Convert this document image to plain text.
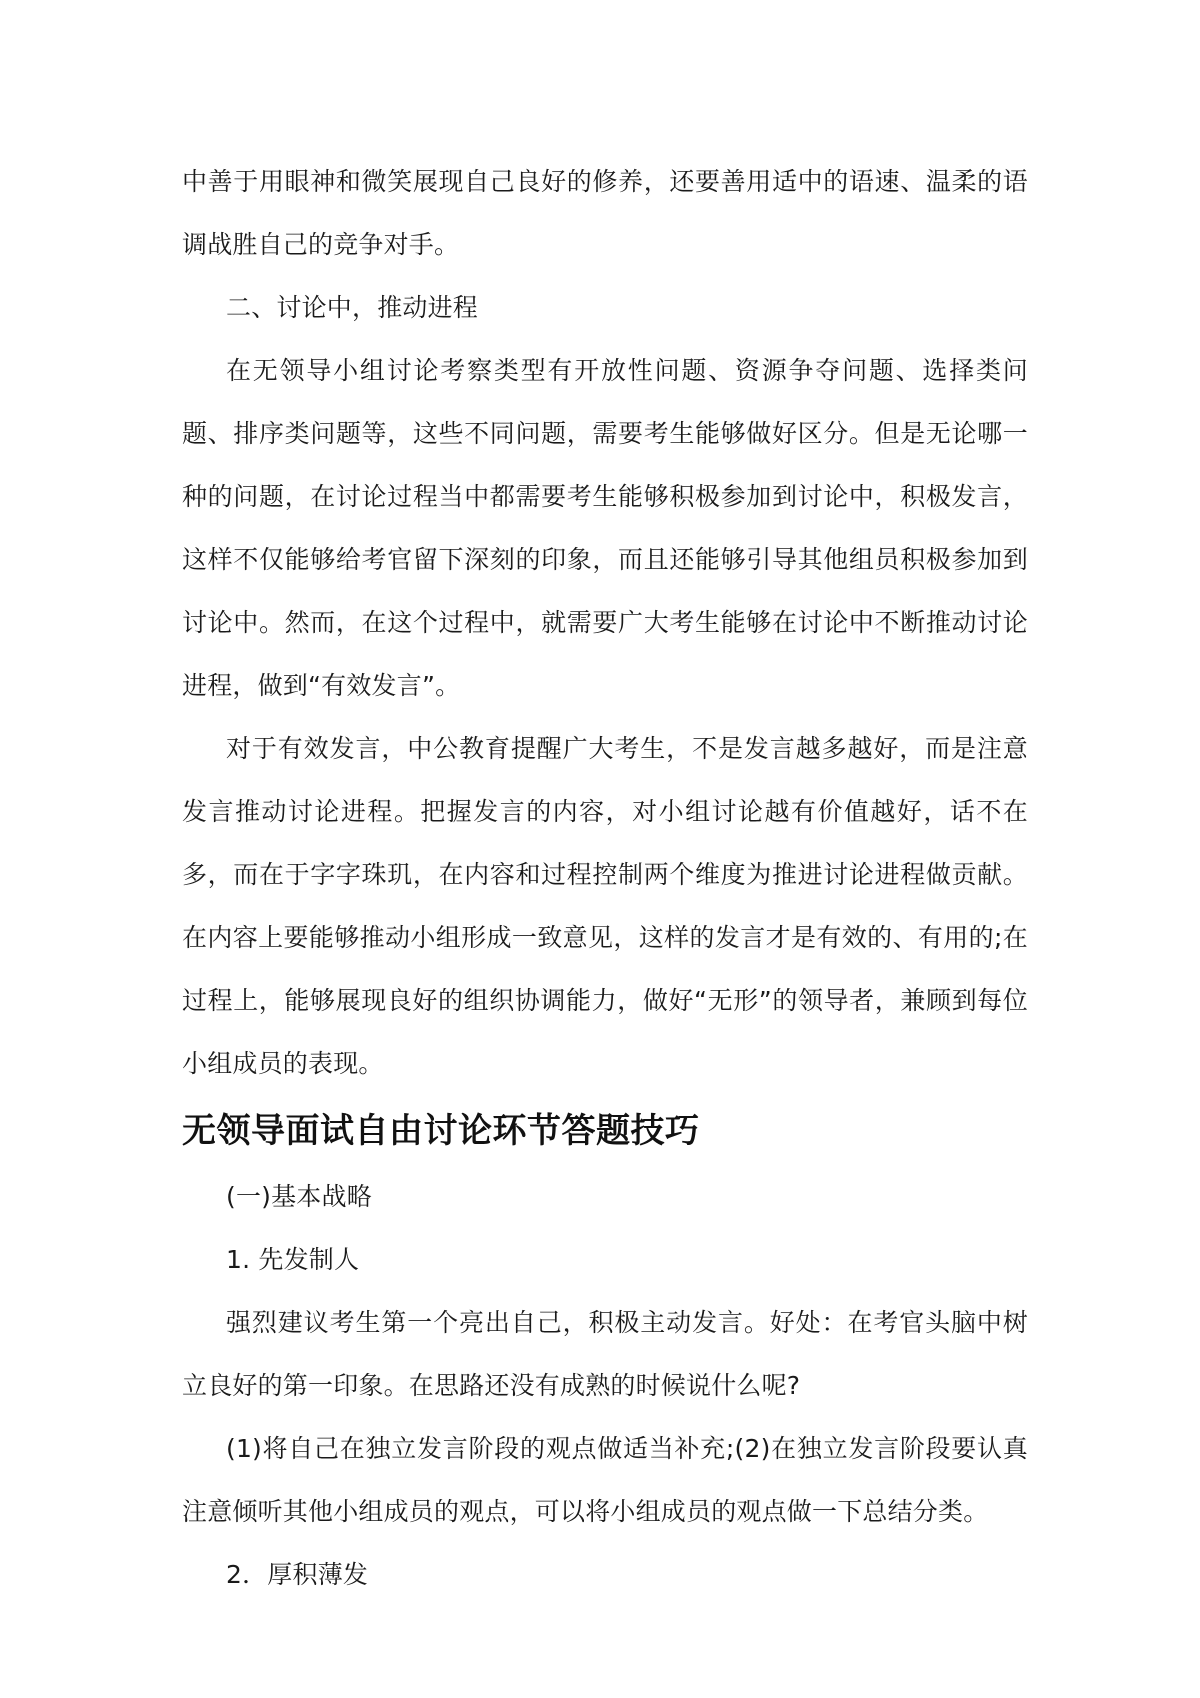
中善于用眼神和微笑展现自己良好的修养，还要善用适中的语速、温柔的语调战胜自己的竞争对手。

二、讨论中，推动进程

在无领导小组讨论考察类型有开放性问题、资源争夺问题、选择类问题、排序类问题等，这些不同问题，需要考生能够做好区分。但是无论哪一种的问题，在讨论过程当中都需要考生能够积极参加到讨论中，积极发言，这样不仅能够给考官留下深刻的印象，而且还能够引导其他组员积极参加到讨论中。然而，在这个过程中，就需要广大考生能够在讨论中不断推动讨论进程，做到“有效发言”。

对于有效发言，中公教育提醒广大考生，不是发言越多越好，而是注意发言推动讨论进程。把握发言的内容，对小组讨论越有价值越好，话不在多，而在于字字珠玑，在内容和过程控制两个维度为推进讨论进程做贡献。在内容上要能够推动小组形成一致意见，这样的发言才是有效的、有用的;在过程上，能够展现良好的组织协调能力，做好“无形”的领导者，兼顾到每位小组成员的表现。

无领导面试自由讨论环节答题技巧

(一)基本战略

1. 先发制人

强烈建议考生第一个亮出自己，积极主动发言。好处：在考官头脑中树立良好的第一印象。在思路还没有成熟的时候说什么呢?

(1)将自己在独立发言阶段的观点做适当补充;(2)在独立发言阶段要认真注意倾听其他小组成员的观点，可以将小组成员的观点做一下总结分类。

2．厚积薄发
